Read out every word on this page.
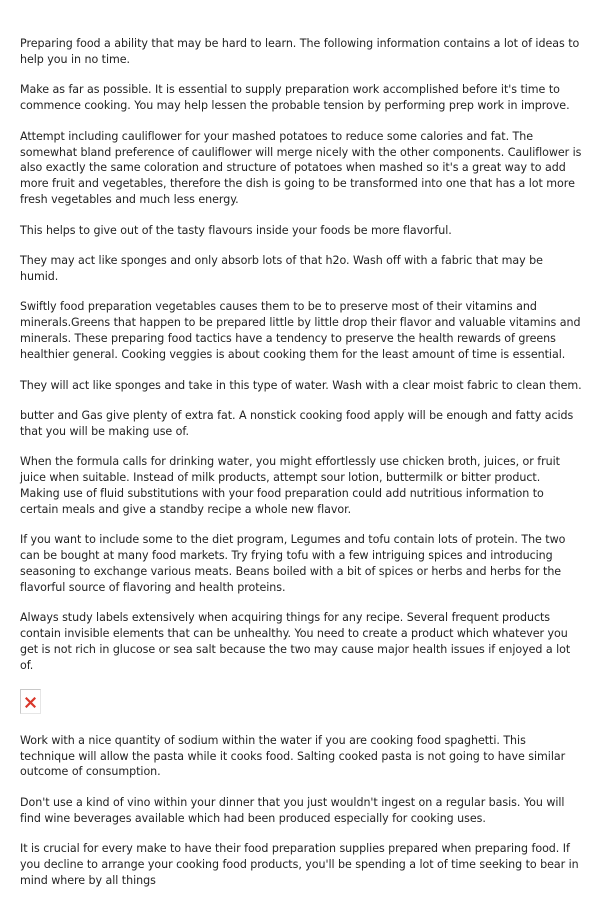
Preparing food a ability that may be hard to learn. The following information contains a lot of ideas to help you in no time.

Make as far as possible. It is essential to supply preparation work accomplished before it's time to commence cooking. You may help lessen the probable tension by performing prep work in improve.

Attempt including cauliflower for your mashed potatoes to reduce some calories and fat. The somewhat bland preference of cauliflower will merge nicely with the other components. Cauliflower is also exactly the same coloration and structure of potatoes when mashed so it's a great way to add more fruit and vegetables, therefore the dish is going to be transformed into one that has a lot more fresh vegetables and much less energy.

This helps to give out of the tasty flavours inside your foods be more flavorful.

They may act like sponges and only absorb lots of that h2o. Wash off with a fabric that may be humid.

Swiftly food preparation vegetables causes them to be to preserve most of their vitamins and minerals.Greens that happen to be prepared little by little drop their flavor and valuable vitamins and minerals. These preparing food tactics have a tendency to preserve the health rewards of greens healthier general. Cooking veggies is about cooking them for the least amount of time is essential.

They will act like sponges and take in this type of water. Wash with a clear moist fabric to clean them.

butter and Gas give plenty of extra fat. A nonstick cooking food apply will be enough and fatty acids that you will be making use of.

When the formula calls for drinking water, you might effortlessly use chicken broth, juices, or fruit juice when suitable. Instead of milk products, attempt sour lotion, buttermilk or bitter product. Making use of fluid substitutions with your food preparation could add nutritious information to certain meals and give a standby recipe a whole new flavor.

If you want to include some to the diet program, Legumes and tofu contain lots of protein. The two can be bought at many food markets. Try frying tofu with a few intriguing spices and introducing seasoning to exchange various meats. Beans boiled with a bit of spices or herbs and herbs for the flavorful source of flavoring and health proteins.

Always study labels extensively when acquiring things for any recipe. Several frequent products contain invisible elements that can be unhealthy. You need to create a product which whatever you get is not rich in glucose or sea salt because the two may cause major health issues if enjoyed a lot of.

Work with a nice quantity of sodium within the water if you are cooking food spaghetti. This technique will allow the pasta while it cooks food. Salting cooked pasta is not going to have similar outcome of consumption.

Don't use a kind of vino within your dinner that you just wouldn't ingest on a regular basis. You will find wine beverages available which had been produced especially for cooking uses.

It is crucial for every make to have their food preparation supplies prepared when preparing food. If you decline to arrange your cooking food products, you'll be spending a lot of time seeking to bear in mind where by all things
